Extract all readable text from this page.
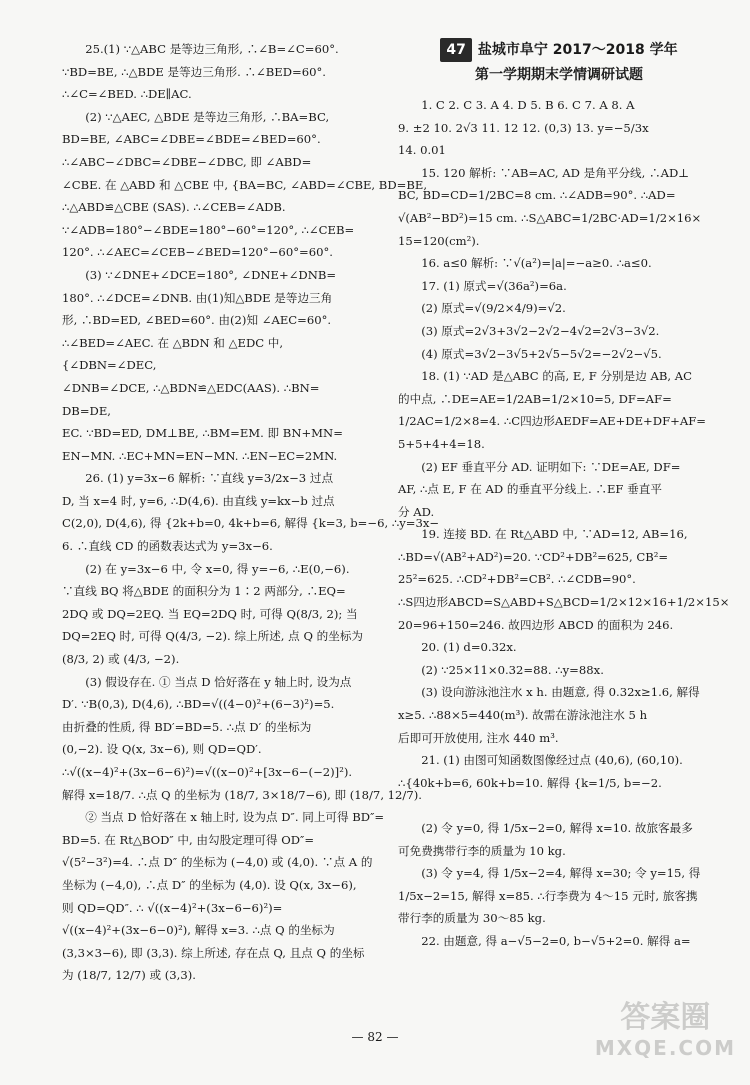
25.(1) ∵△ABC 是等边三角形, ∴∠B=∠C=60°.
∵BD=BE, ∴△BDE 是等边三角形. ∴∠BED=60°.
∴∠C=∠BED. ∴DE∥AC.
(2) ∵△AEC, △BDE 是等边三角形, ∴BA=BC,
BD=BE, ∠ABC=∠DBE=∠BDE=∠BED=60°.
∴∠ABC−∠DBC=∠DBE−∠DBC, 即 ∠ABD=
∠CBE. 在 △ABD 和 △CBE 中, {BA=BC, ∠ABD=∠CBE, BD=BE,
∴△ABD≌△CBE (SAS). ∴∠CEB=∠ADB.
∵∠ADB=180°−∠BDE=180°−60°=120°, ∴∠CEB=
120°. ∴∠AEC=∠CEB−∠BED=120°−60°=60°.
(3) ∵∠DNE+∠DCE=180°, ∠DNE+∠DNB=
180°. ∴∠DCE=∠DNB. 由(1)知△BDE 是等边三角
形, ∴BD=ED, ∠BED=60°. 由(2)知 ∠AEC=60°.
∴∠BED=∠AEC. 在 △BDN 和 △EDC 中,
{∠DBN=∠DEC,
∠DNB=∠DCE, ∴△BDN≌△EDC(AAS). ∴BN=
DB=DE,
EC. ∵BD=ED, DM⊥BE, ∴BM=EM. 即 BN+MN=
EN−MN. ∴EC+MN=EN−MN. ∴EN−EC=2MN.
26. (1) y=3x−6 解析: ∵直线 y=3/2x−3 过点
D, 当 x=4 时, y=6, ∴D(4,6). 由直线 y=kx−b 过点
C(2,0), D(4,6), 得 {2k+b=0, 4k+b=6, 解得 {k=3, b=−6, ∴y=3x−
6. ∴直线 CD 的函数表达式为 y=3x−6.
(2) 在 y=3x−6 中, 令 x=0, 得 y=−6, ∴E(0,−6).
∵直线 BQ 将△BDE 的面积分为 1∶2 两部分, ∴EQ=
2DQ 或 DQ=2EQ. 当 EQ=2DQ 时, 可得 Q(8/3, 2); 当
DQ=2EQ 时, 可得 Q(4/3, −2). 综上所述, 点 Q 的坐标为
(8/3, 2) 或 (4/3, −2).
(3) 假设存在. ① 当点 D 恰好落在 y 轴上时, 设为点
D′. ∵B(0,3), D(4,6), ∴BD=√((4−0)²+(6−3)²)=5.
由折叠的性质, 得 BD′=BD=5. ∴点 D′ 的坐标为
(0,−2). 设 Q(x, 3x−6), 则 QD=QD′.
∴√((x−4)²+(3x−6−6)²)=√((x−0)²+[3x−6−(−2)]²).
解得 x=18/7. ∴点 Q 的坐标为 (18/7, 3×18/7−6), 即 (18/7, 12/7).
② 当点 D 恰好落在 x 轴上时, 设为点 D″. 同上可得 BD″=
BD=5. 在 Rt△BOD″ 中, 由勾股定理可得 OD″=
√(5²−3²)=4. ∴点 D″ 的坐标为 (−4,0) 或 (4,0). ∵点 A 的
坐标为 (−4,0), ∴点 D″ 的坐标为 (4,0). 设 Q(x, 3x−6),
则 QD=QD″. ∴ √((x−4)²+(3x−6−6)²)=
√((x−4)²+(3x−6−0)²), 解得 x=3. ∴点 Q 的坐标为
(3,3×3−6), 即 (3,3). 综上所述, 存在点 Q, 且点 Q 的坐标
为 (18/7, 12/7) 或 (3,3).
47 盐城市阜宁 2017～2018 学年
第一学期期末学情调研试题
1. C 2. C 3. A 4. D 5. B 6. C 7. A 8. A
9. ±2 10. 2√3 11. 12 12. (0,3) 13. y=−5/3x
14. 0.01
15. 120 解析: ∵AB=AC, AD 是角平分线, ∴AD⊥
BC, BD=CD=1/2BC=8 cm. ∴∠ADB=90°. ∴AD=
√(AB²−BD²)=15 cm. ∴S△ABC=1/2BC·AD=1/2×16×
15=120(cm²).
16. a≤0 解析: ∵√(a²)=|a|=−a≥0. ∴a≤0.
17. (1) 原式=√(36a²)=6a.
(2) 原式=√(9/2×4/9)=√2.
(3) 原式=2√3+3√2−2√2−4√2=2√3−3√2.
(4) 原式=3√2−3√5+2√5−5√2=−2√2−√5.
18. (1) ∵AD 是△ABC 的高, E, F 分别是边 AB, AC
的中点, ∴DE=AE=1/2AB=1/2×10=5, DF=AF=
1/2AC=1/2×8=4. ∴C四边形AEDF=AE+DE+DF+AF=
5+5+4+4=18.
(2) EF 垂直平分 AD. 证明如下: ∵DE=AE, DF=
AF, ∴点 E, F 在 AD 的垂直平分线上. ∴EF 垂直平
分 AD.
19. 连接 BD. 在 Rt△ABD 中, ∵AD=12, AB=16,
∴BD=√(AB²+AD²)=20. ∵CD²+DB²=625, CB²=
25²=625. ∴CD²+DB²=CB². ∴∠CDB=90°.
∴S四边形ABCD=S△ABD+S△BCD=1/2×12×16+1/2×15×
20=96+150=246. 故四边形 ABCD 的面积为 246.
20. (1) d=0.32x.
(2) ∵25×11×0.32=88. ∴y=88x.
(3) 设向游泳池注水 x h. 由题意, 得 0.32x≥1.6, 解得
x≥5. ∴88×5=440(m³). 故需在游泳池注水 5 h
后即可开放使用, 注水 440 m³.
21. (1) 由图可知函数图像经过点 (40,6), (60,10).
∴{40k+b=6, 60k+b=10. 解得 {k=1/5, b=−2.

(2) 令 y=0, 得 1/5x−2=0, 解得 x=10. 故旅客最多
可免费携带行李的质量为 10 kg.
(3) 令 y=4, 得 1/5x−2=4, 解得 x=30; 令 y=15, 得
1/5x−2=15, 解得 x=85. ∴行李费为 4～15 元时, 旅客携
带行李的质量为 30～85 kg.
22. 由题意, 得 a−√5−2=0, b−√5+2=0. 解得 a=
— 82 —
答案圈
MXQE.COM
